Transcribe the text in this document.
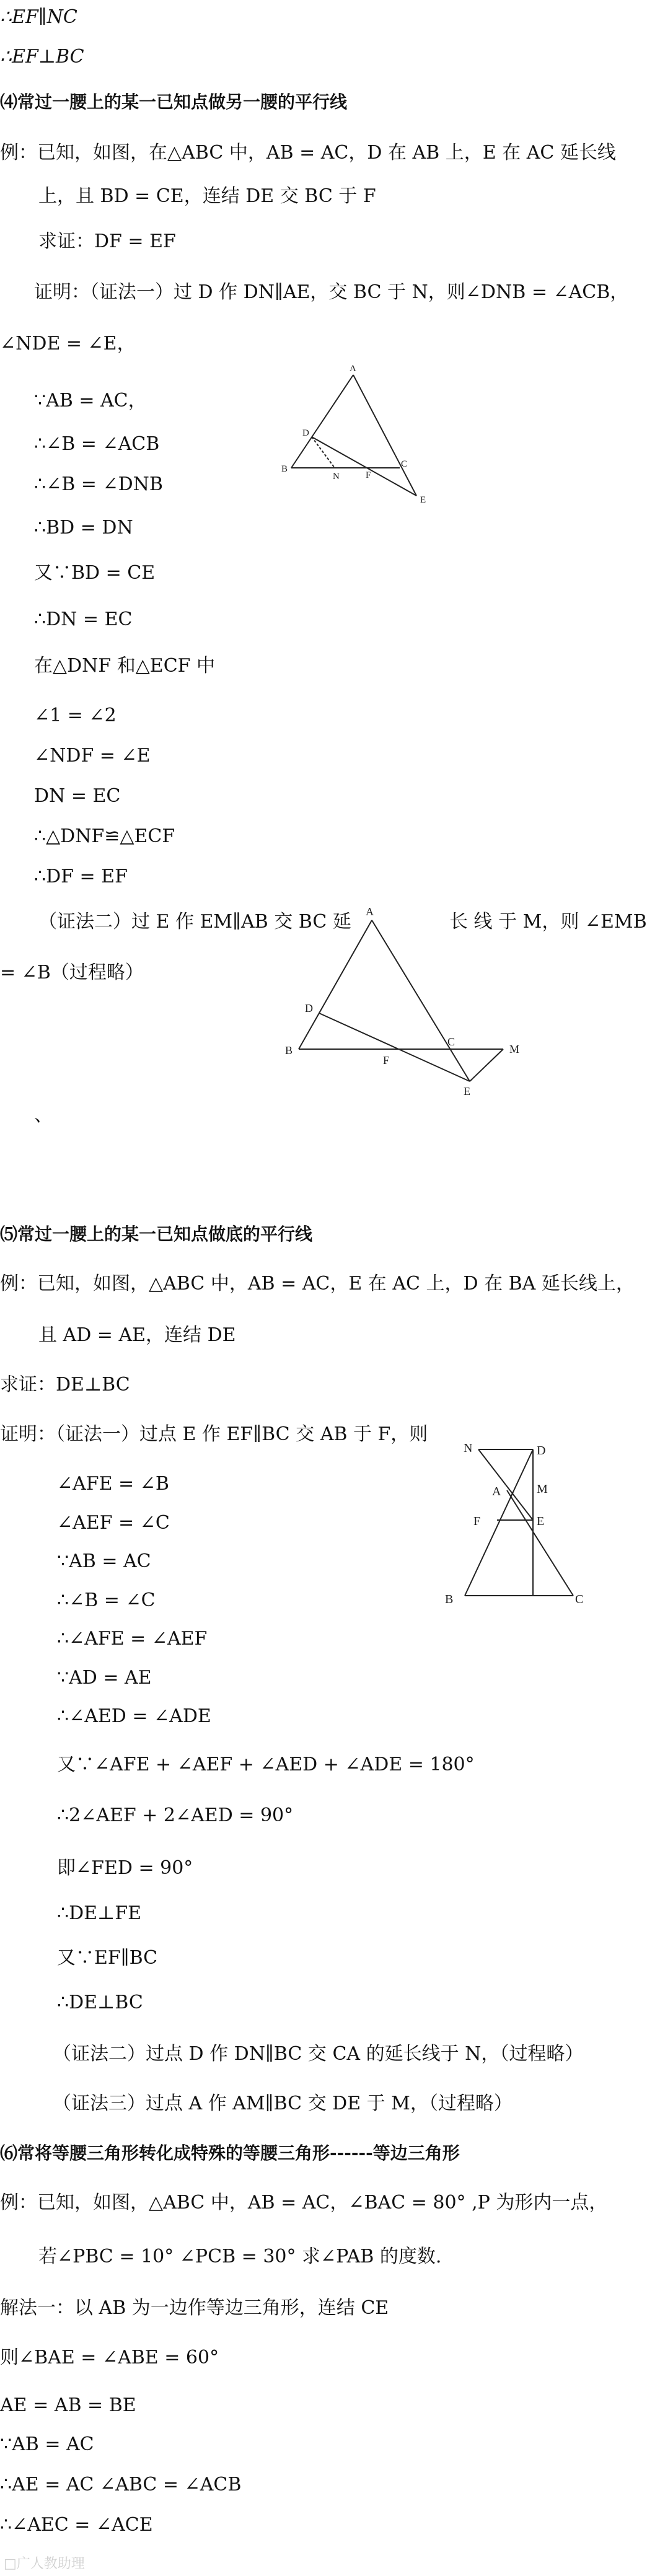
∴EF∥NC
∴EF⊥BC
⑷常过一腰上的某一已知点做另一腰的平行线
例：已知，如图，在△ABC 中，AB = AC，D 在 AB 上，E 在 AC 延长线
上，且 BD = CE，连结 DE 交 BC 于 F
求证：DF = EF
证明：（证法一）过 D 作 DN∥AE，交 BC 于 N，则∠DNB = ∠ACB，
∠NDE = ∠E，
∵AB = AC，
∴∠B = ∠ACB
∴∠B = ∠DNB
∴BD = DN
又∵BD = CE
∴DN = EC
在△DNF 和△ECF 中
∠1 = ∠2
∠NDF = ∠E
DN = EC
∴△DNF≌△ECF
∴DF = EF
（证法二）过 E 作 EM∥AB 交 BC 延	长 线 于 M，则 ∠EMB
= ∠B（过程略）
、
⑸常过一腰上的某一已知点做底的平行线
例：已知，如图，△ABC 中，AB = AC，E 在 AC 上，D 在 BA 延长线上，
且 AD = AE，连结 DE
求证：DE⊥BC
证明：（证法一）过点 E 作 EF∥BC 交 AB 于 F，则
∠AFE = ∠B
∠AEF = ∠C
∵AB = AC
∴∠B = ∠C
∴∠AFE = ∠AEF
∵AD = AE
∴∠AED = ∠ADE
又∵∠AFE + ∠AEF + ∠AED + ∠ADE = 180°
∴2∠AEF + 2∠AED = 90°
即∠FED = 90°
∴DE⊥FE
又∵EF∥BC
∴DE⊥BC
（证法二）过点 D 作 DN∥BC 交 CA 的延长线于 N，（过程略）
（证法三）过点 A 作 AM∥BC 交 DE 于 M，（过程略）
⑹常将等腰三角形转化成特殊的等腰三角形------等边三角形
例：已知，如图，△ABC 中，AB = AC，∠BAC = 80° ,P 为形内一点，
若∠PBC = 10° ∠PCB = 30° 求∠PAB 的度数.
解法一：以 AB 为一边作等边三角形，连结 CE
则∠BAE = ∠ABE = 60°
AE = AB = BE
∵AB = AC
∴AE = AC ∠ABC = ∠ACB
∴∠AEC = ∠ACE
A
B	C
D
E
F
N
A
B
C
D
E
F
M
N	D
A	M
F	E
B	C
□广人教助理
